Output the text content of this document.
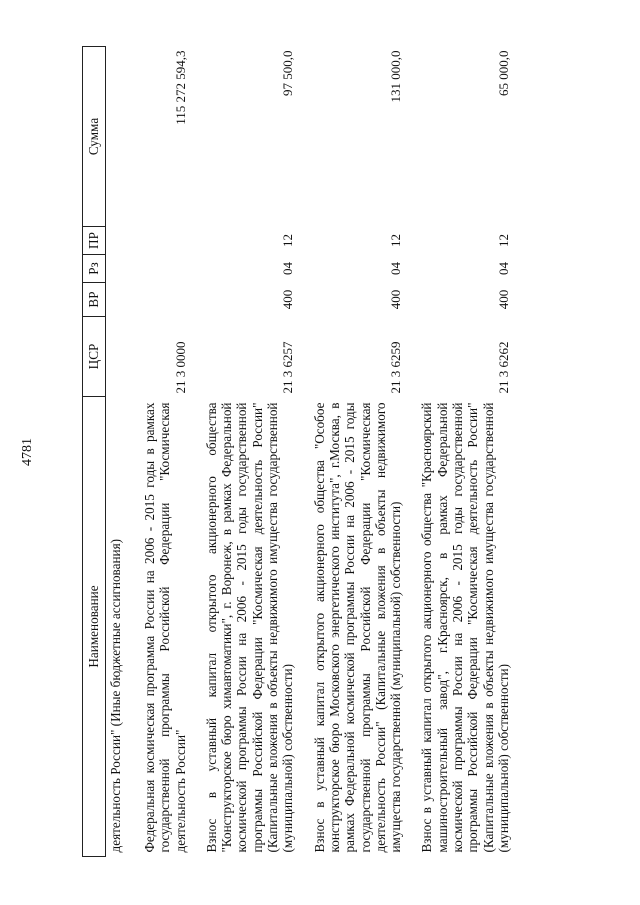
4781
Наименование	ЦСР	ВР	Рз	ПР	Сумма
деятельность России" (Иные бюджетные ассигнования)					

Федеральная космическая программа России на 2006 - 2015 годы в рамках государственной программы Российской Федерации "Космическая деятельность России"	21 3 0000				115 272 594,3

Взнос в уставный капитал открытого акционерного общества "Конструкторское бюро химавтоматики", г. Воронеж, в рамках Федеральной космической программы России на 2006 - 2015 годы государственной программы Российской Федерации "Космическая деятельность России" (Капитальные вложения в объекты недвижимого имущества государственной (муниципальной) собственности)	21 3 6257	400	04	12	97 500,0

Взнос в уставный капитал открытого акционерного общества "Особое конструкторское бюро Московского энергетического института", г.Москва, в рамках Федеральной космической программы России на 2006 - 2015 годы государственной программы Российской Федерации "Космическая деятельность России" (Капитальные вложения в объекты недвижимого имущества государственной (муниципальной) собственности)	21 3 6259	400	04	12	131 000,0

Взнос в уставный капитал открытого акционерного общества "Красноярский машиностроительный завод", г.Красноярск, в рамках Федеральной космической программы России на 2006 - 2015 годы государственной программы Российской Федерации "Космическая деятельность России" (Капитальные вложения в объекты недвижимого имущества государственной (муниципальной) собственности)	21 3 6262	400	04	12	65 000,0
